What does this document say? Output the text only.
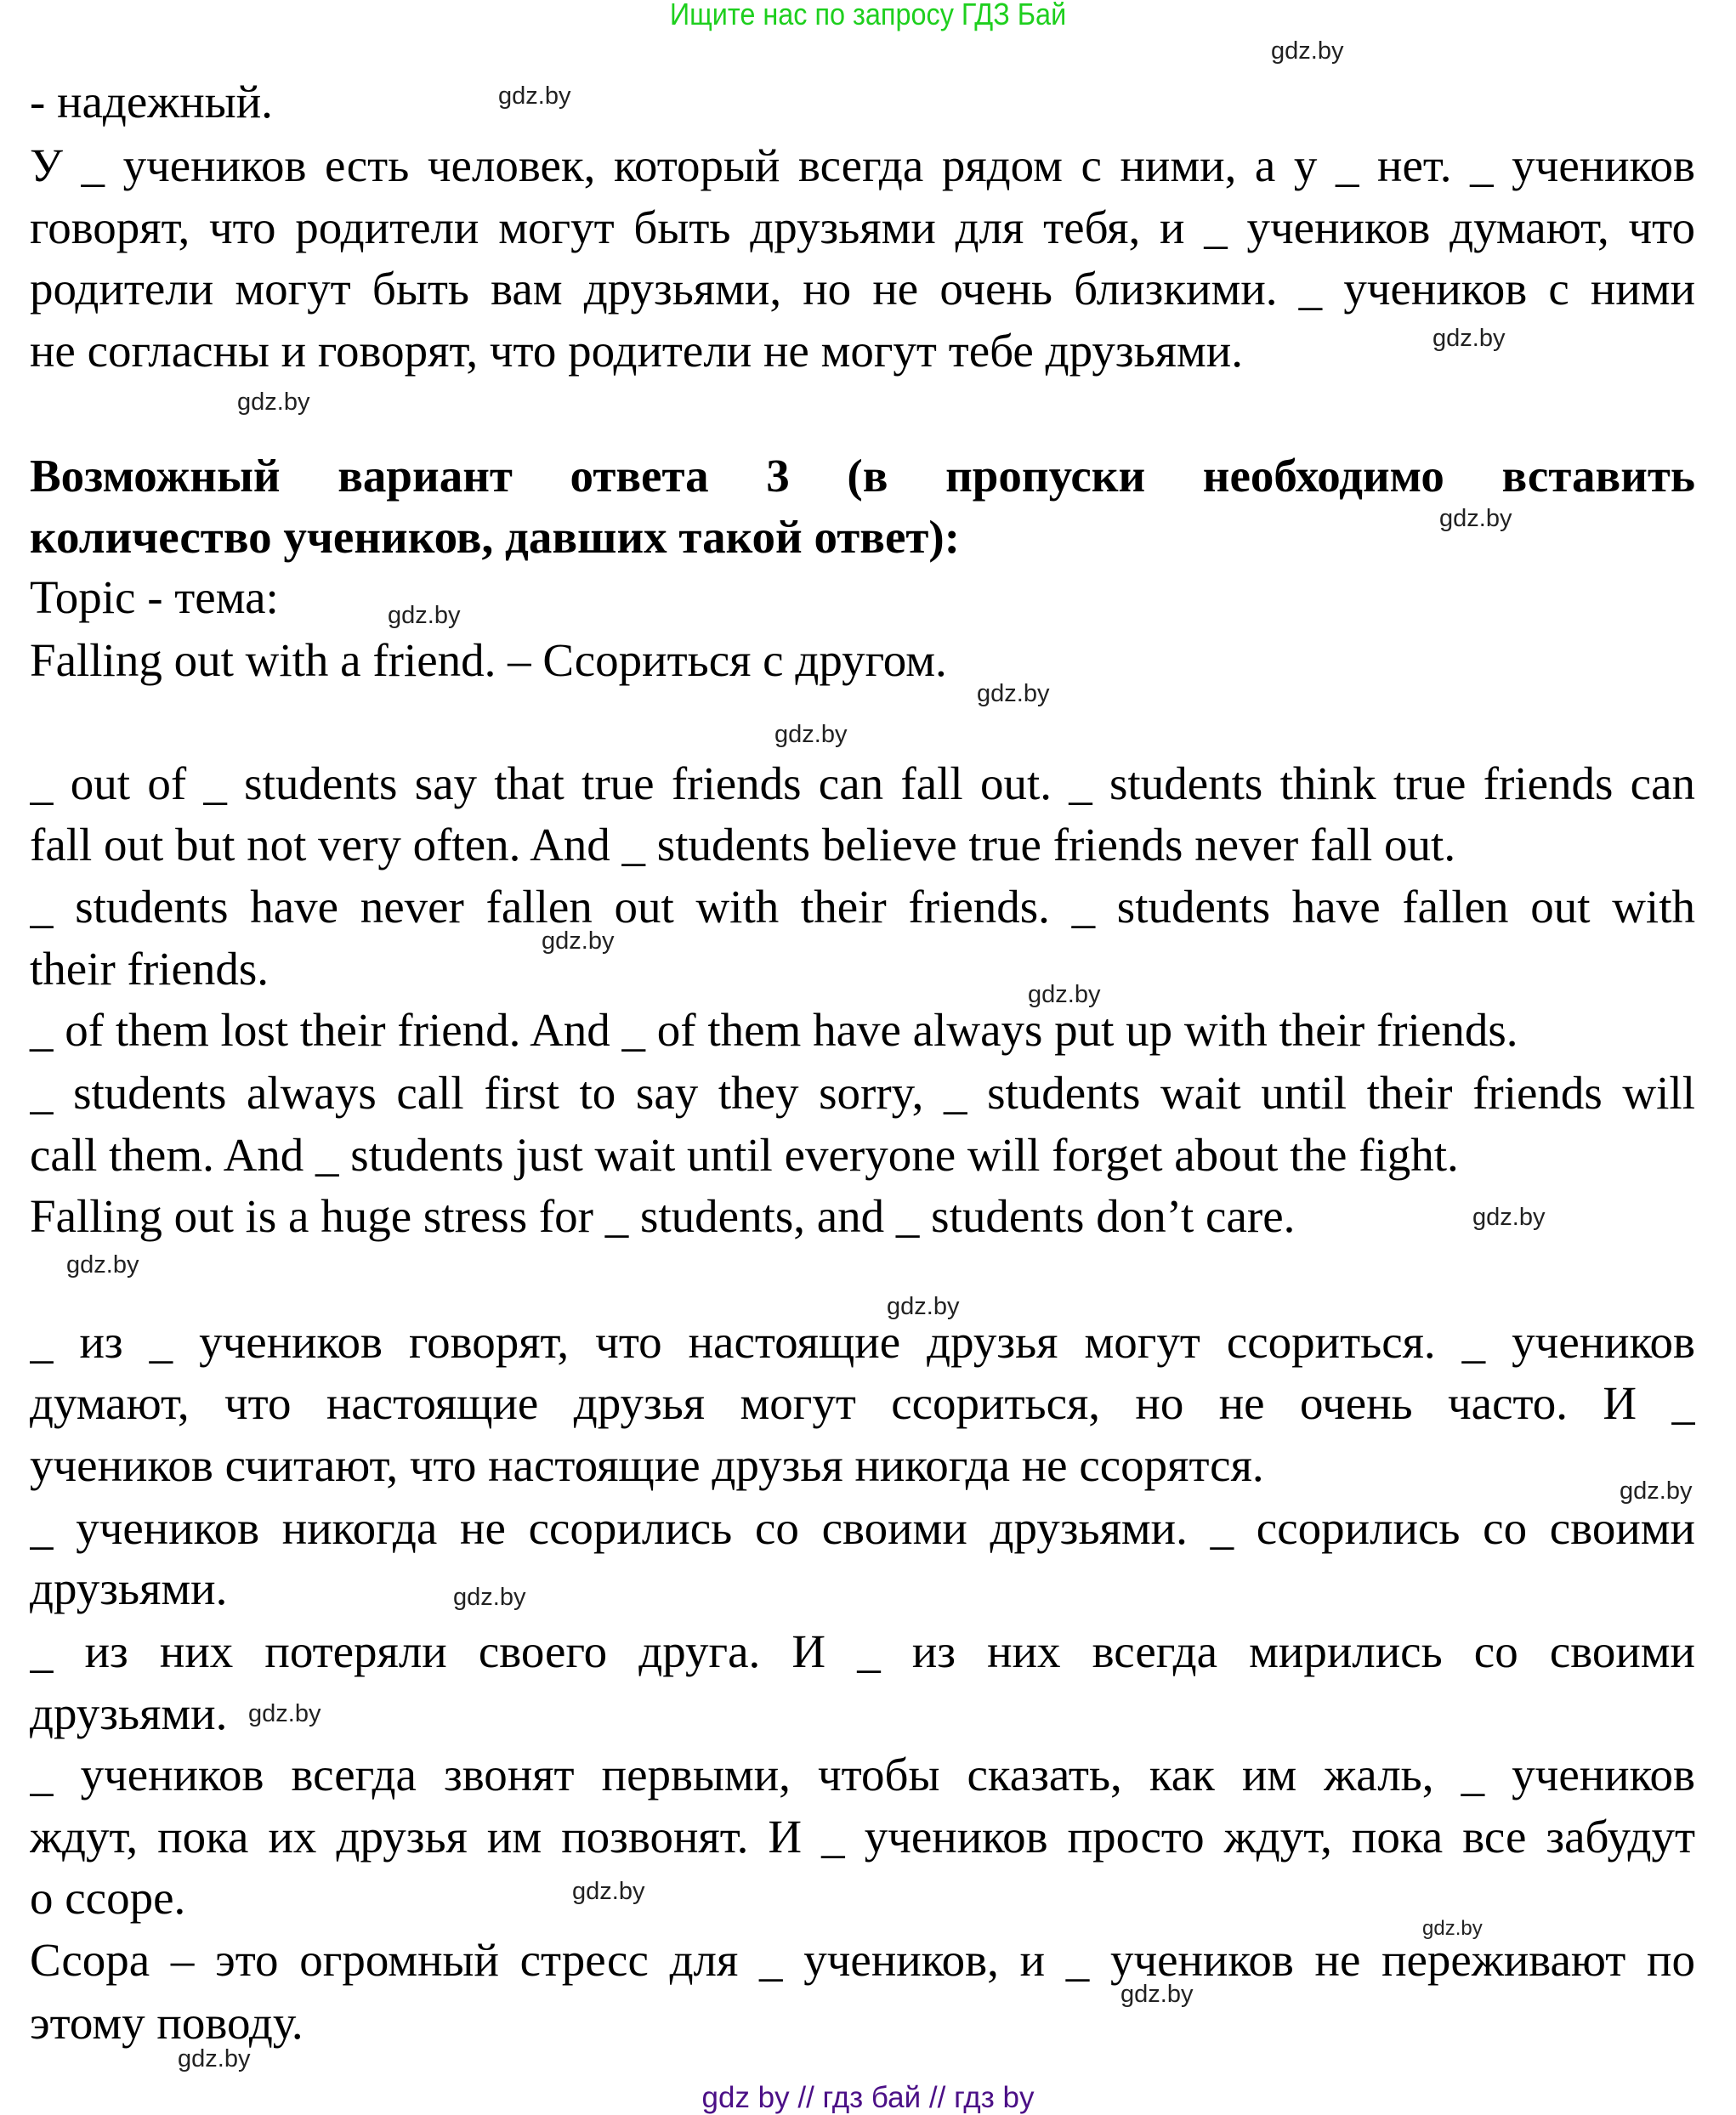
Ищите нас по запросу ГДЗ Бай
- надежный.
У _ учеников есть человек, который всегда рядом с ними, а у _ нет. _ учеников
говорят, что родители могут быть друзьями для тебя, и _ учеников думают, что
родители могут быть вам друзьями, но не очень близкими. _ учеников с ними
не согласны и говорят, что родители не могут тебе друзьями.
Возможный вариант ответа 3 (в пропуски необходимо вставить
количество учеников, давших такой ответ):
Topic - тема:
Falling out with a friend. – Ссориться с другом.
_ out of _ students say that true friends can fall out. _ students think true friends can
fall out but not very often. And _ students believe true friends never fall out.
_ students have never fallen out with their friends. _ students have fallen out with
their friends.
_ of them lost their friend. And _ of them have always put up with their friends.
_ students always call first to say they sorry, _ students wait until their friends will
call them. And _ students just wait until everyone will forget about the fight.
Falling out is a huge stress for _ students, and _ students don’t care.
_ из _ учеников говорят, что настоящие друзья могут ссориться. _ учеников
думают, что настоящие друзья могут ссориться, но не очень часто. И _
учеников считают, что настоящие друзья никогда не ссорятся.
_ учеников никогда не ссорились со своими друзьями. _ ссорились со своими
друзьями.
_ из них потеряли своего друга. И _ из них всегда мирились со своими
друзьями.
_ учеников всегда звонят первыми, чтобы сказать, как им жаль, _ учеников
ждут, пока их друзья им позвонят. И _ учеников просто ждут, пока все забудут
о ссоре.
Ссора – это огромный стресс для _ учеников, и _ учеников не переживают по
этому поводу.
gdz.by
gdz.by
gdz.by
gdz.by
gdz.by
gdz.by
gdz.by
gdz.by
gdz.by
gdz.by
gdz.by
gdz.by
gdz.by
gdz.by
gdz.by
gdz.by
gdz.by
gdz.by
gdz.by
gdz.by
gdz by // гдз бай // гдз by
